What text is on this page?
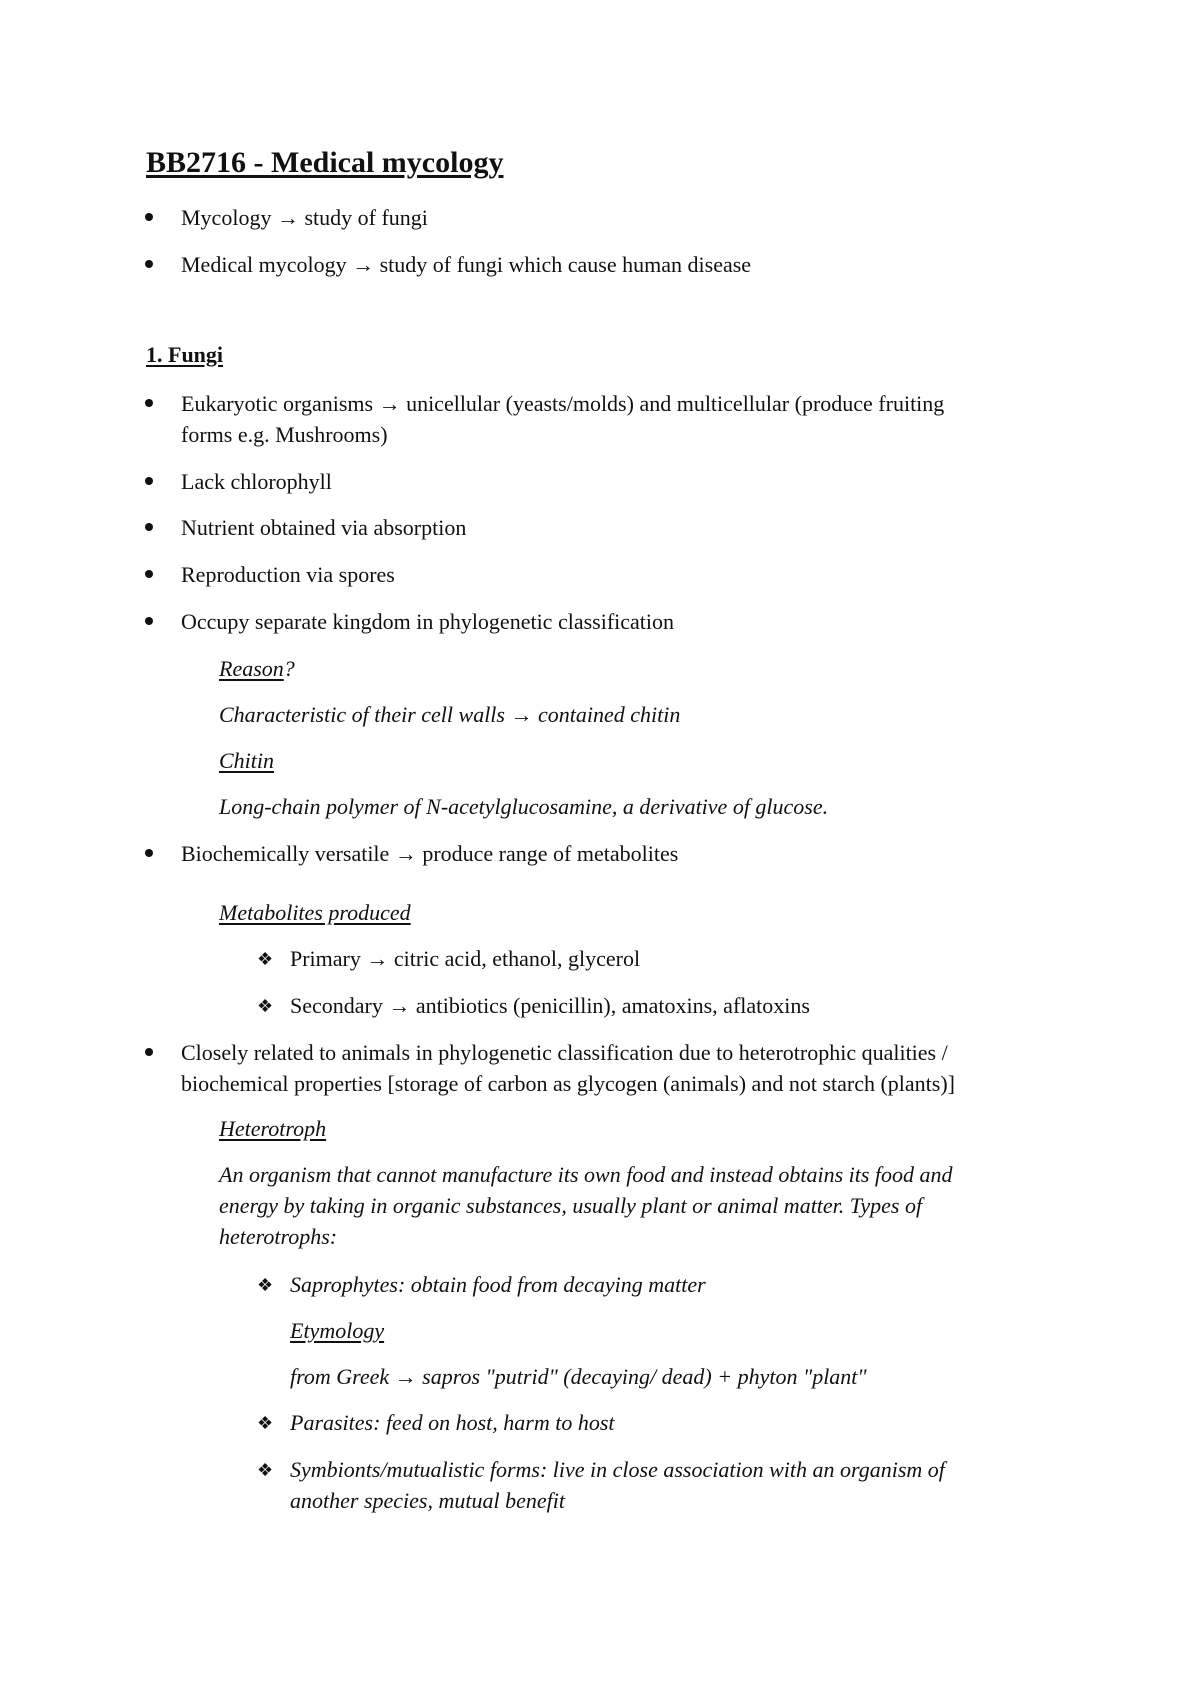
BB2716 - Medical mycology
Mycology → study of fungi
Medical mycology → study of fungi which cause human disease
1. Fungi
Eukaryotic organisms → unicellular (yeasts/molds) and multicellular (produce fruiting
forms e.g. Mushrooms)
Lack chlorophyll
Nutrient obtained via absorption
Reproduction via spores
Occupy separate kingdom in phylogenetic classification
Reason?
Characteristic of their cell walls → contained chitin
Chitin
Long-chain polymer of N-acetylglucosamine, a derivative of glucose.
Biochemically versatile → produce range of metabolites
Metabolites produced
❖ Primary → citric acid, ethanol, glycerol
❖ Secondary → antibiotics (penicillin), amatoxins, aflatoxins
Closely related to animals in phylogenetic classification due to heterotrophic qualities /
biochemical properties [storage of carbon as glycogen (animals) and not starch (plants)]
Heterotroph
An organism that cannot manufacture its own food and instead obtains its food and
energy by taking in organic substances, usually plant or animal matter. Types of
heterotrophs:
❖ Saprophytes: obtain food from decaying matter
Etymology
from Greek → sapros "putrid" (decaying/ dead) + phyton "plant"
❖ Parasites: feed on host, harm to host
❖ Symbionts/mutualistic forms: live in close association with an organism of
another species, mutual benefit
